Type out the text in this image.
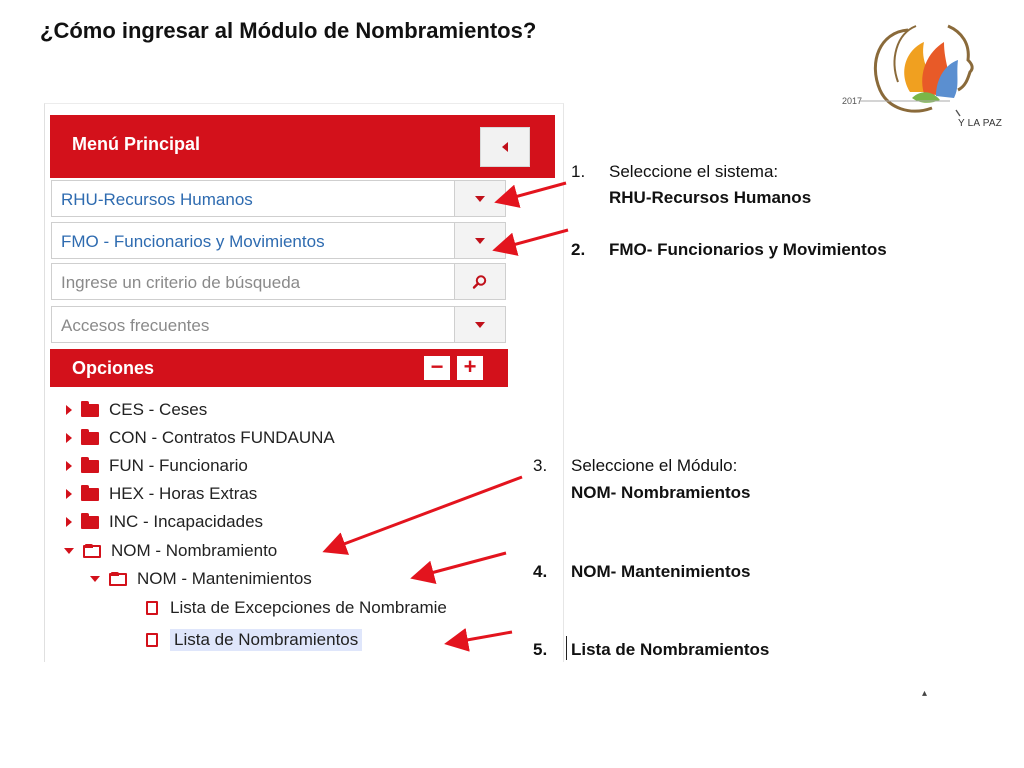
¿Cómo ingresar al Módulo de Nombramientos?
2017
Y LA PAZ
Menú Principal
RHU-Recursos Humanos
FMO - Funcionarios y Movimientos
Ingrese un criterio de búsqueda
Accesos frecuentes
Opciones	− +
CES - Ceses
CON - Contratos FUNDAUNA
FUN - Funcionario
HEX - Horas Extras
INC - Incapacidades
NOM - Nombramiento
NOM - Mantenimientos
Lista de Excepciones de Nombramie
Lista de Nombramientos
1. Seleccione el sistema:
RHU-Recursos Humanos
2. FMO- Funcionarios y Movimientos
3. Seleccione el Módulo:
NOM- Nombramientos
4. NOM- Mantenimientos
5. Lista de Nombramientos
▴
